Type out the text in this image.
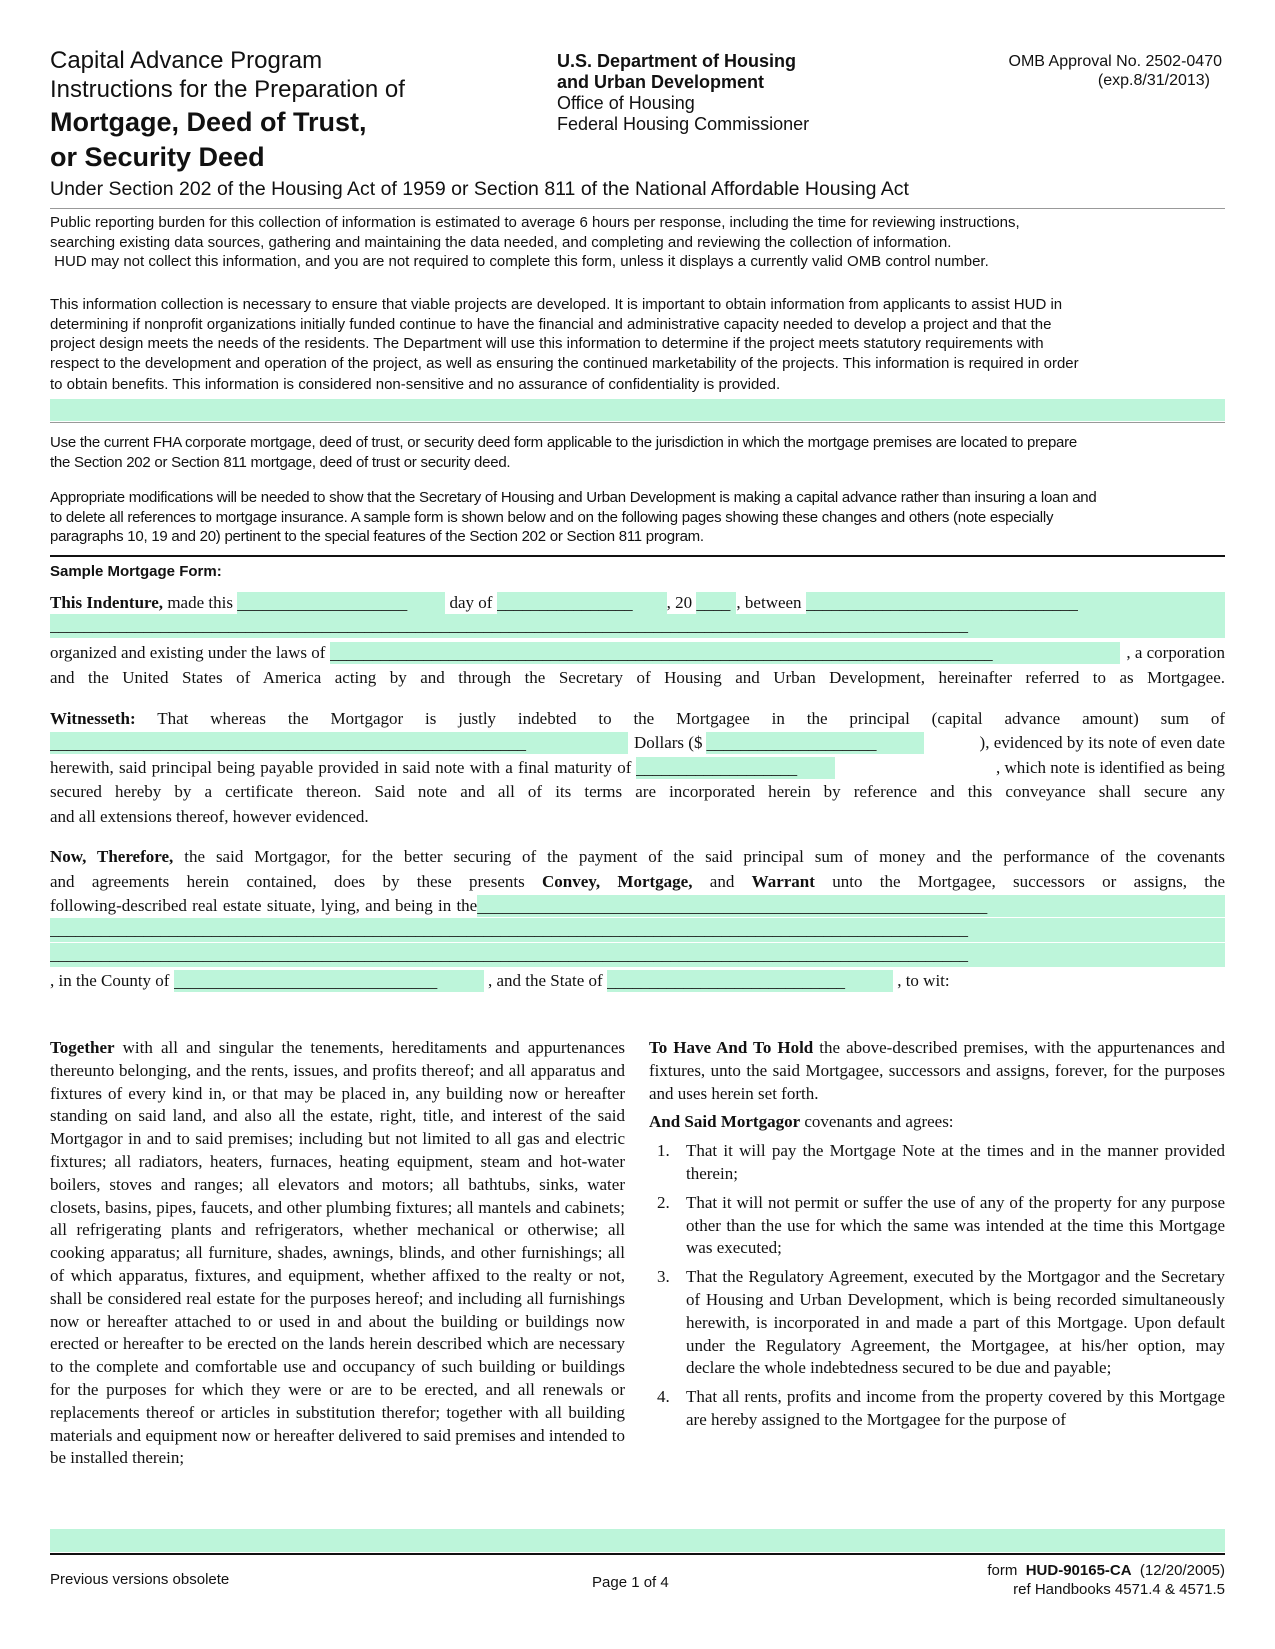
Capital Advance Program
Instructions for the Preparation of
Mortgage, Deed of Trust,
or Security Deed
U.S. Department of Housing
and Urban Development
Office of Housing
Federal Housing Commissioner
OMB Approval No. 2502-0470
(exp.8/31/2013)
Under Section 202 of the Housing Act of 1959 or Section 811 of the National Affordable Housing Act
Public reporting burden for this collection of information is estimated to average 6 hours per response, including the time for reviewing instructions,
searching existing data sources, gathering and maintaining the data needed, and completing and reviewing the collection of information.
HUD may not collect this information, and you are not required to complete this form, unless it displays a currently valid OMB control number.
This information collection is necessary to ensure that viable projects are developed. It is important to obtain information from applicants to assist HUD in
determining if nonprofit organizations initially funded continue to have the financial and administrative capacity needed to develop a project and that the
project design meets the needs of the residents. The Department will use this information to determine if the project meets statutory requirements with
respect to the development and operation of the project, as well as ensuring the continued marketability of the projects. This information is required in order
to obtain benefits. This information is considered non-sensitive and no assurance of confidentiality is provided.
Use the current FHA corporate mortgage, deed of trust, or security deed form applicable to the jurisdiction in which the mortgage premises are located to prepare
the Section 202 or Section 811 mortgage, deed of trust or security deed.
Appropriate modifications will be needed to show that the Secretary of Housing and Urban Development is making a capital advance rather than insuring a loan and
to delete all references to mortgage insurance. A sample form is shown below and on the following pages showing these changes and others (note especially
paragraphs 10, 19 and 20) pertinent to the special features of the Section 202 or Section 811 program.
Sample Mortgage Form:
This Indenture,
made this
____________________
	day of
________________	, 20
____ , between
________________________________
____________________________________________________________________________________________________________
organized and existing under the laws of
______________________________________________________________________________	, a corporation
and the United States of America acting by and through the Secretary of Housing and Urban Development, hereinafter referred to as Mortgagee.
Witnesseth: That whereas the Mortgagor is justly indebted to the Mortgagee in the principal (capital advance amount) sum of
________________________________________________________	Dollars ($ ____________________	), evidenced by its note of even date
herewith, said principal being payable provided in said note with a final maturity of
___________________	, which note is identified as being
secured hereby by a certificate thereon. Said note and all of its terms are incorporated herein by reference and this conveyance shall secure any
and all extensions thereof, however evidenced.
Now, Therefore, the said Mortgagor, for the better securing of the payment of the said principal sum of money and the performance of the covenants
and agreements herein contained, does by these presents Convey, Mortgage, and Warrant unto the Mortgagee, successors or assigns, the
following-described real estate situate, lying, and being in the ____________________________________________________________
____________________________________________________________________________________________________________
____________________________________________________________________________________________________________
, in the County of
_______________________________
	, and the State of
____________________________
	, to wit:

Together with all and singular the tenements, hereditaments and appurtenances thereunto belonging, and the rents, issues, and profits thereof; and all apparatus and fixtures of every kind in, or that may be placed in, any building now or hereafter standing on said land, and also all the estate, right, title, and interest of the said Mortgagor in and to said premises; including but not limited to all gas and electric fixtures; all radiators, heaters, furnaces, heating equipment, steam and hot-water boilers, stoves and ranges; all elevators and motors; all bathtubs, sinks, water closets, basins, pipes, faucets, and other plumbing fixtures; all mantels and cabinets; all refrigerating plants and refrigerators, whether mechanical or otherwise; all cooking apparatus; all furniture, shades, awnings, blinds, and other furnishings; all of which apparatus, fixtures, and equipment, whether affixed to the realty or not, shall be considered real estate for the purposes hereof; and including all furnishings now or hereafter attached to or used in and about the building or buildings now erected or hereafter to be erected on the lands herein described which are necessary to the complete and comfortable use and occupancy of such building or buildings for the purposes for which they were or are to be erected, and all renewals or replacements thereof or articles in substitution therefor; together with all building materials and equipment now or hereafter delivered to said premises and intended to be installed therein;

To Have And To Hold the above-described premises, with the appurtenances and fixtures, unto the said Mortgagee, successors and assigns, forever, for the purposes and uses herein set forth.

And Said Mortgagor covenants and agrees:

1. That it will pay the Mortgage Note at the times and in the manner provided therein;
2. That it will not permit or suffer the use of any of the property for any purpose other than the use for which the same was intended at the time this Mortgage was executed;
3. That the Regulatory Agreement, executed by the Mortgagor and the Secretary of Housing and Urban Development, which is being recorded simultaneously herewith, is incorporated in and made a part of this Mortgage. Upon default under the Regulatory Agreement, the Mortgagee, at his/her option, may declare the whole indebtedness secured to be due and payable;
4. That all rents, profits and income from the property covered by this Mortgage are hereby assigned to the Mortgagee for the purpose of
Previous versions obsolete	Page 1 of 4
form HUD-90165-CA (12/20/2005)
ref Handbooks 4571.4 & 4571.5
